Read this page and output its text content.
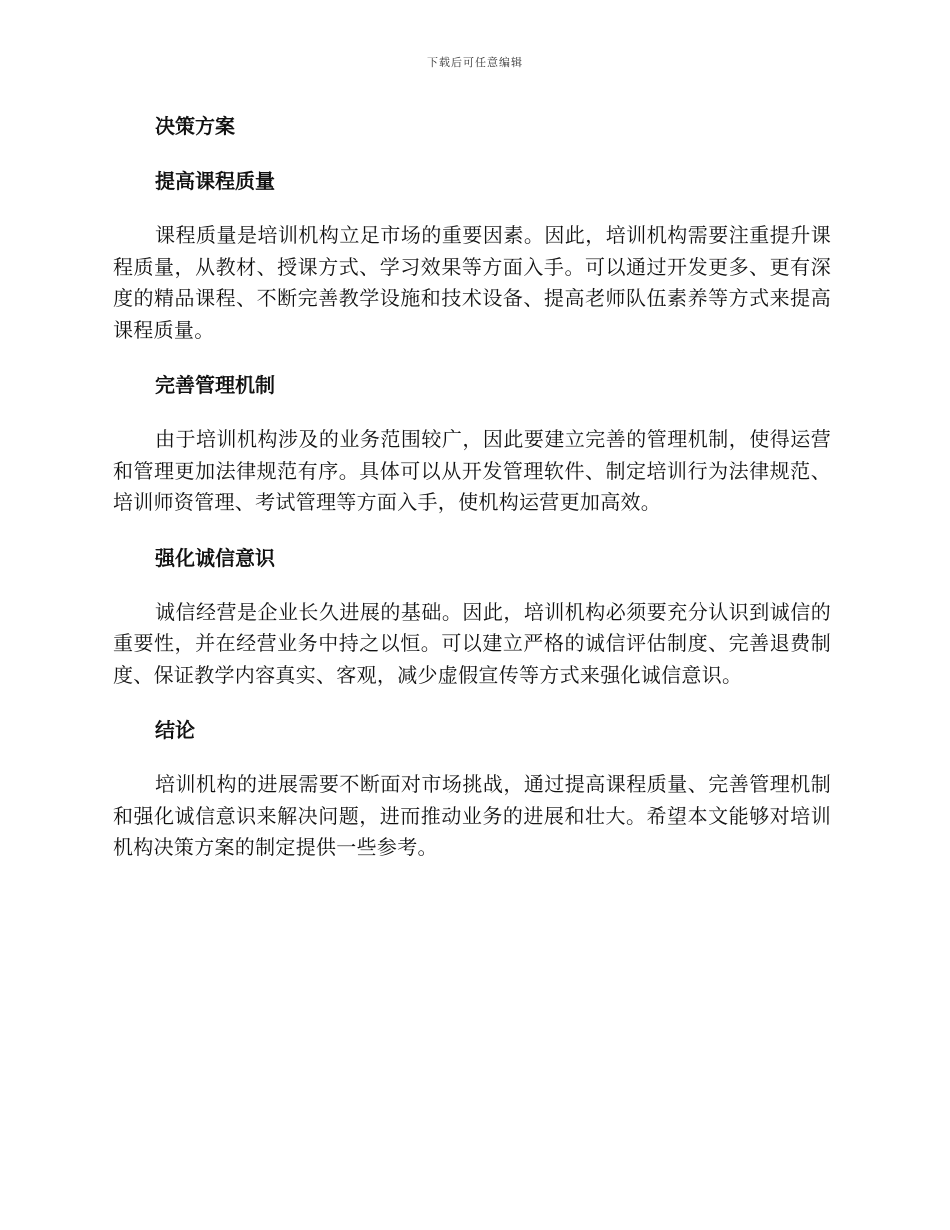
下载后可任意编辑
决策方案
提高课程质量

课程质量是培训机构立足市场的重要因素。因此，培训机构需要注重提升课程质量，从教材、授课方式、学习效果等方面入手。可以通过开发更多、更有深度的精品课程、不断完善教学设施和技术设备、提高老师队伍素养等方式来提高课程质量。

完善管理机制

由于培训机构涉及的业务范围较广，因此要建立完善的管理机制，使得运营和管理更加法律规范有序。具体可以从开发管理软件、制定培训行为法律规范、培训师资管理、考试管理等方面入手，使机构运营更加高效。

强化诚信意识

诚信经营是企业长久进展的基础。因此，培训机构必须要充分认识到诚信的重要性，并在经营业务中持之以恒。可以建立严格的诚信评估制度、完善退费制度、保证教学内容真实、客观，减少虚假宣传等方式来强化诚信意识。

结论

培训机构的进展需要不断面对市场挑战，通过提高课程质量、完善管理机制和强化诚信意识来解决问题，进而推动业务的进展和壮大。希望本文能够对培训机构决策方案的制定提供一些参考。
